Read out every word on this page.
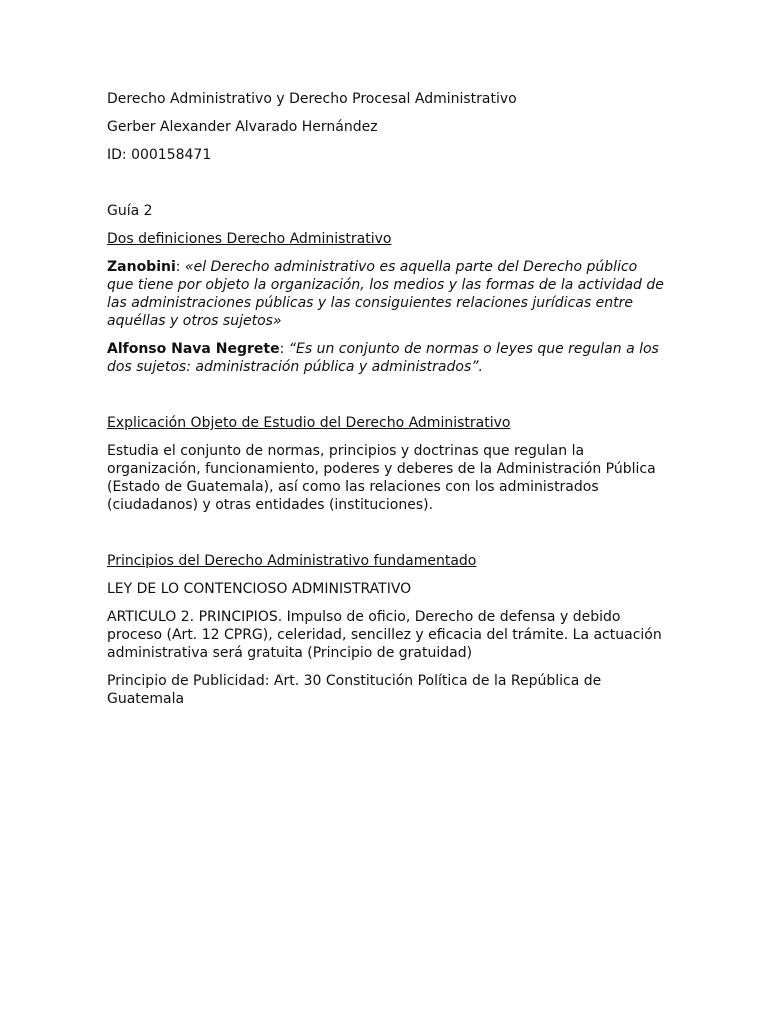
Derecho Administrativo y Derecho Procesal Administrativo

Gerber Alexander Alvarado Hernández

ID: 000158471

Guía 2

Dos definiciones Derecho Administrativo

Zanobini: «el Derecho administrativo es aquella parte del Derecho público que tiene por objeto la organización, los medios y las formas de la actividad de las administraciones públicas y las consiguientes relaciones jurídicas entre aquéllas y otros sujetos»

Alfonso Nava Negrete: “Es un conjunto de normas o leyes que regulan a los dos sujetos: administración pública y administrados”.

Explicación Objeto de Estudio del Derecho Administrativo

Estudia el conjunto de normas, principios y doctrinas que regulan la organización, funcionamiento, poderes y deberes de la Administración Pública (Estado de Guatemala), así como las relaciones con los administrados (ciudadanos) y otras entidades (instituciones).

Principios del Derecho Administrativo fundamentado

LEY DE LO CONTENCIOSO ADMINISTRATIVO

ARTICULO 2. PRINCIPIOS. Impulso de oficio, Derecho de defensa y debido proceso (Art. 12 CPRG), celeridad, sencillez y eficacia del trámite. La actuación administrativa será gratuita (Principio de gratuidad)

Principio de Publicidad: Art. 30 Constitución Política de la República de Guatemala
